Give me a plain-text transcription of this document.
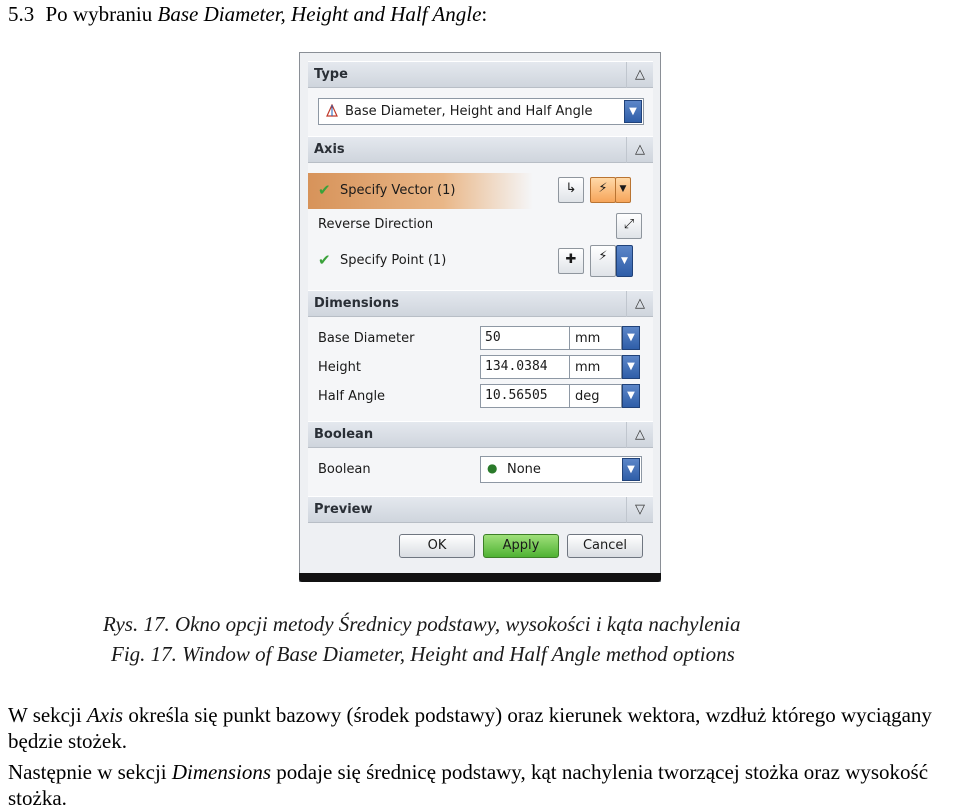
5.3 Po wybraniu Base Diameter, Height and Half Angle:
Type	△
Base Diameter, Height and Half Angle	▼
Axis	△
✔ Specify Vector (1)	↳	⚡	▼
Reverse Direction	⤢
✔ Specify Point (1)	✚	⚡	▼
Dimensions	△
Base Diameter	50	mm	▼
Height	134.0384	mm	▼
Half Angle	10.56505	deg	▼
Boolean	△
Boolean	● None	▼
Preview	▽
OK	Apply	Cancel
Rys. 17. Okno opcji metody Średnicy podstawy, wysokości i kąta nachylenia
Fig. 17. Window of Base Diameter, Height and Half Angle method options
W sekcji Axis określa się punkt bazowy (środek podstawy) oraz kierunek wektora, wzdłuż którego wyciągany będzie stożek.
Następnie w sekcji Dimensions podaje się średnicę podstawy, kąt nachylenia tworzącej stożka oraz wysokość stożka.
